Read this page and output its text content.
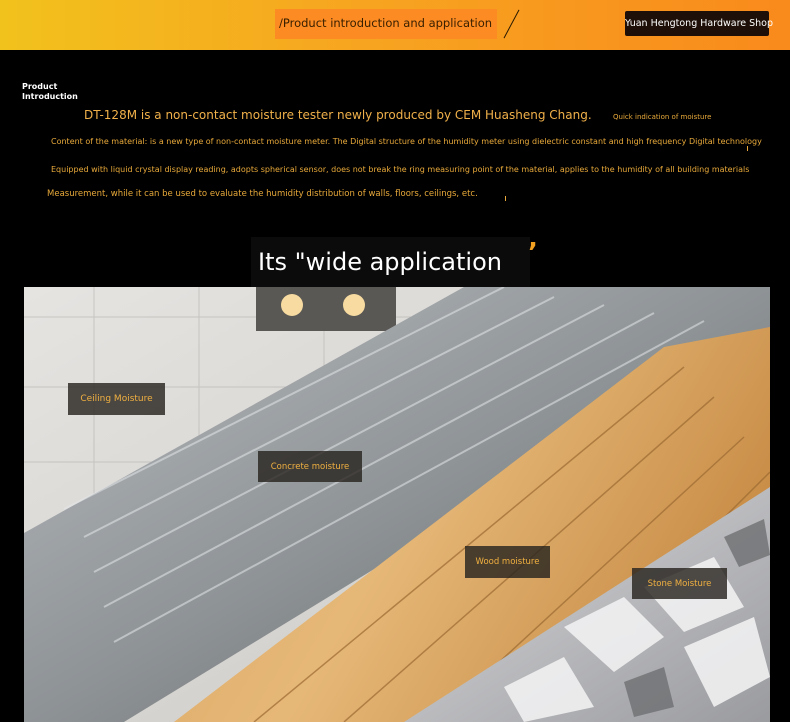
/Product introduction and application	Yuan Hengtong Hardware Shop
Product
Introduction
DT-128M is a non-contact moisture tester newly produced by CEM Huasheng Chang.	Quick indication of moisture
Content of the material: is a new type of non-contact moisture meter. The Digital structure of the humidity meter using dielectric constant and high frequency Digital technology
Equipped with liquid crystal display reading, adopts spherical sensor, does not break the ring measuring point of the material, applies to the humidity of all building materials
Measurement, while it can be used to evaluate the humidity distribution of walls, floors, ceilings, etc.
Its "wide application ’
Ceiling Moisture
Concrete moisture
Wood moisture
Stone Moisture
